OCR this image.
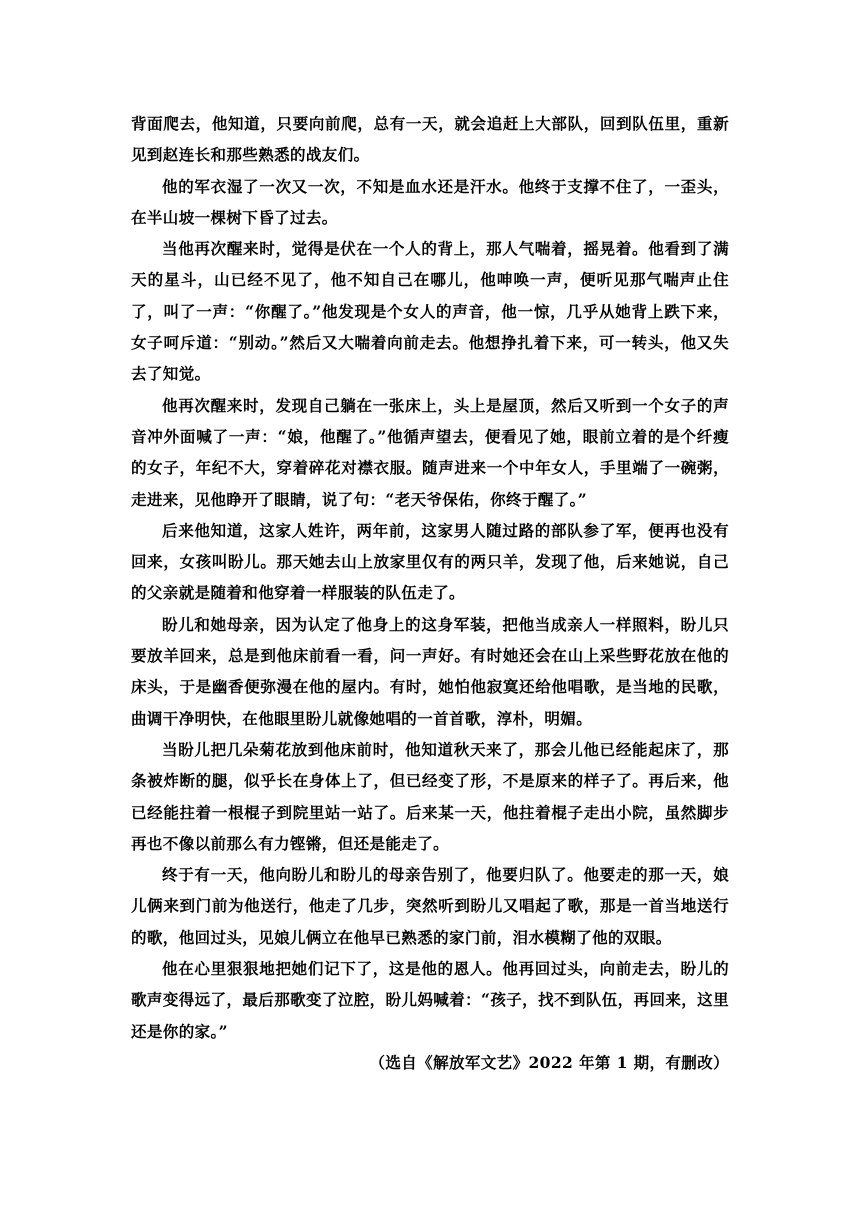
背面爬去，他知道，只要向前爬，总有一天，就会追赶上大部队，回到队伍里，重新见到赵连长和那些熟悉的战友们。

他的军衣湿了一次又一次，不知是血水还是汗水。他终于支撑不住了，一歪头，在半山坡一棵树下昏了过去。

当他再次醒来时，觉得是伏在一个人的背上，那人气喘着，摇晃着。他看到了满天的星斗，山已经不见了，他不知自己在哪儿，他呻唤一声，便听见那气喘声止住了，叫了一声：“你醒了。”他发现是个女人的声音，他一惊，几乎从她背上跌下来，女子呵斥道：“别动。”然后又大喘着向前走去。他想挣扎着下来，可一转头，他又失去了知觉。

他再次醒来时，发现自己躺在一张床上，头上是屋顶，然后又听到一个女子的声音冲外面喊了一声：“娘，他醒了。”他循声望去，便看见了她，眼前立着的是个纤瘦的女子，年纪不大，穿着碎花对襟衣服。随声进来一个中年女人，手里端了一碗粥，走进来，见他睁开了眼睛，说了句：“老天爷保佑，你终于醒了。”

后来他知道，这家人姓许，两年前，这家男人随过路的部队参了军，便再也没有回来，女孩叫盼儿。那天她去山上放家里仅有的两只羊，发现了他，后来她说，自己的父亲就是随着和他穿着一样服装的队伍走了。

盼儿和她母亲，因为认定了他身上的这身军装，把他当成亲人一样照料，盼儿只要放羊回来，总是到他床前看一看，问一声好。有时她还会在山上采些野花放在他的床头，于是幽香便弥漫在他的屋内。有时，她怕他寂寞还给他唱歌，是当地的民歌，曲调干净明快，在他眼里盼儿就像她唱的一首首歌，淳朴，明媚。

当盼儿把几朵菊花放到他床前时，他知道秋天来了，那会儿他已经能起床了，那条被炸断的腿，似乎长在身体上了，但已经变了形，不是原来的样子了。再后来，他已经能拄着一根棍子到院里站一站了。后来某一天，他拄着棍子走出小院，虽然脚步再也不像以前那么有力铿锵，但还是能走了。

终于有一天，他向盼儿和盼儿的母亲告别了，他要归队了。他要走的那一天，娘儿俩来到门前为他送行，他走了几步，突然听到盼儿又唱起了歌，那是一首当地送行的歌，他回过头，见娘儿俩立在他早已熟悉的家门前，泪水模糊了他的双眼。

他在心里狠狠地把她们记下了，这是他的恩人。他再回过头，向前走去，盼儿的歌声变得远了，最后那歌变了泣腔，盼儿妈喊着：“孩子，找不到队伍，再回来，这里还是你的家。”

（选自《解放军文艺》2022 年第 1 期，有删改）
